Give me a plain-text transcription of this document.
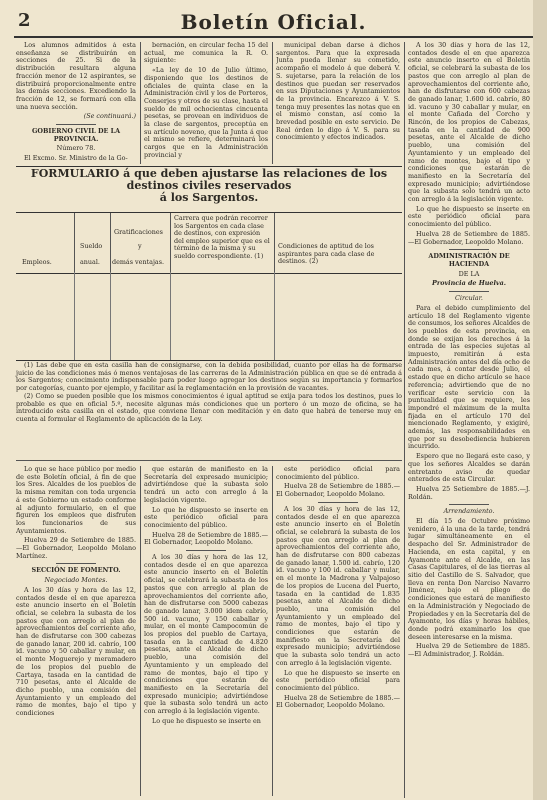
2	Boletín Oficial.

Los alumnos admitidos á esta enseñanza se distribuirán en secciones de 25. Si de la distribución resultara alguna fracción menor de 12 aspirantes, se distribuirá proporcionalmente entre las demás secciones. Excediendo la fracción de 12, se formará con ella una nueva sección.

(Se continuará.)

GOBIERNO CIVIL DE LA PROVINCIA.

Número 78.

El Excmo. Sr. Ministro de la Go-

bernación, en circular fecha 15 del actual, me comunica la R. O. siguiente:

«La ley de 10 de Julio último, disponiendo que los destinos de oficiales de quinta clase en la Administración civil y los de Porteros, Conserjes y otros de su clase, hasta el sueldo de mil ochocientas cincuenta pesetas, se provean en individuos de la clase de sargentos, preceptúa en su artículo noveno, que la Junta á que el mismo se refiere, determinará los cargos que en la Administración provincial y

municipal deban darse á dichos sargentos. Para que la expresada Junta pueda llenar su cometido, acompaño el modelo á que deberá V. S. sujetarse, para la relación de los destinos que puedan ser reservados en sus Diputaciones y Ayuntamientos de la provincia. Encarezco á V. S. tenga muy presentes las notas que en el mismo constan, así como la brevedad posible en este servicio. De Real órden lo digo á V. S. para su conocimiento y efectos indicados.

A los 30 días y hora de las 12, contados desde el en que aparezca este anuncio inserto en el Boletín oficial, se celebrará la subasta de los pastos que con arreglo al plan de aprovechamientos del corriente año, han de disfrutarse con 600 cabezas de ganado lanar, 1.600 id. cabrío, 80 id. vacuno y 30 caballar y mular, en el monte Cañada del Corcho y Rincón, de los propios de Cabezas, tasada en la cantidad de 900 pesetas, ante el Alcalde de dicho pueblo, una comisión del Ayuntamiento y un empleado del ramo de montes, bajo el tipo y condiciones que estarán de manifiesto en la Secretaría del expresado municipio; advirtiéndose que la subasta solo tendrá un acto con arreglo á la legislación vigente.

Lo que he dispuesto se inserte en este periódico oficial para conocimiento del público.

Huelva 28 de Setiembre de 1885.—El Gobernador, Leopoldo Molano.

ADMINISTRACIÓN DE HACIENDA

DE LA

Provincia de Huelva.

Circular.

Para el debido cumplimiento del artículo 18 del Reglamento vigente de consumos, los señores Alcaldes de los pueblos de esta provincia, en donde se exijan los derechos á la entrada de las especies sujetas al impuesto, remitirán á esta Administración antes del día ocho de cada mes, á contar desde Julio, el estado que en dicho artículo se hace referencia; advirtiendo que de no verificar este servicio con la puntualidad que se requiere, les impondré el máximum de la multa fijada en el artículo 170 del mencionado Reglamento, y exigiré, además, las responsabilidades en que por su desobediencia hubieren incurrido.

Espero que no llegará este caso, y que los señores Alcaldes se darán entretanto aviso de quedar enterados de esta Circular.

Huelva 25 Setiembre de 1885.—J. Roldán.

Arrendamiento.

El día 15 de Octubre próximo venidero, á la una de la tarde, tendrá lugar simultáneamente en el despacho del Sr. Administrador de Hacienda, en esta capital, y en Ayamonte ante el Alcalde, en las Casas Capitulares, el de las tierras al sitio del Castillo de S. Salvador, que lleva en renta Don Narciso Navarro Jiménez, bajo el pliego de condiciones que estará de manifiesto en la Administración y Negociado de Propiedades y en la Secretaría del de Ayamonte, los días y horas hábiles, donde podrá examinarlo los que deseen interesarse en la misma.

Huelva 29 de Setiembre de 1885.—El Administrador, J. Roldán.

FORMULARIO á que deben ajustarse las relaciones de los destinos civiles reservados
á los Sargentos.
Empleos.
Sueldo
anual.
Gratificaciones
y
demás ventajas.
Carrera que podrán recorrer los Sargentos en cada clase de destinos, con expresión del empleo superior que es el término de la misma y su sueldo correspondiente. (1)
Condiciones de aptitud de los aspirantes para cada clase de destinos. (2)

(1) Las debe que en esta casilla han de consignarse, con la debida posibilidad, cuanto por ellas ha de formarse juicio de las condiciones más ó menos ventajosas de las carreras de la Administración pública en que se dé entrada á los Sargentos; conocimiento indispensable para poder luego agregar los destinos según su importancia y formarlos por categorías, cuanto por ejemplo, y facilitar así la reglamentación en la provisión de vacantes.

(2) Como se pueden posible que los mismos conocimientos é igual aptitud se exija para todos los destinos, pues lo probable es que en oficial 5.º, necesite algunas más condiciones que un portero ó un mozo de oficina, se ha introducido esta casilla en el estado, que conviene llenar con meditación y en dato que habrá de tenerse muy en cuenta al formular el Reglamento de aplicación de la Ley.

Lo que se hace público por medio de este Boletín oficial, á fin de que los Sres. Alcaldes de los pueblos de la misma remitan con toda urgencia á este Gobierno un estado conforme al adjunto formulario, en el que figuren los empleos que disfruten los funcionarios de sus Ayuntamientos.

Huelva 29 de Setiembre de 1885.—El Gobernador, Leopoldo Molano Martínez.

SECCIÓN DE FOMENTO.

Negociado Montes.

A los 30 días y hora de las 12, contados desde el en que aparezca este anuncio inserto en el Boletín oficial, se celebra la subasta de los pastos que con arreglo al plan de aprovechamientos del corriente año, han de disfrutarse con 300 cabezas de ganado lanar, 200 id. cabrío, 100 id. vacuno y 50 caballar y mular, en el monte Moguerejo y meramadero de los propios del pueblo de Cartaya, tasada en la cantidad de 710 pesetas, ante el Alcalde de dicho pueblo, una comisión del Ayuntamiento y un empleado del ramo de montes, bajo el tipo y condiciones

que estarán de manifiesto en la Secretaría del expresado municipio; advirtiéndose que la subasta solo tendrá un acto con arreglo á la legislación vigente.

Lo que he dispuesto se inserte en este periódico oficial para conocimiento del público.

Huelva 28 de Setiembre de 1885.—El Gobernador, Leopoldo Molano.

A los 30 días y hora de las 12, contados desde el en que aparezca este anuncio inserto en el Boletín oficial, se celebrará la subasta de los pastos que con arreglo al plan de aprovechamientos del corriente año, han de disfrutarse con 5000 cabezas de ganado lanar, 3.000 idem cabrío, 500 id. vacuno, y 150 caballar y mular, en el monte Campocomún de los propios del pueblo de Cartaya, tasada en la cantidad de 4.820 pesetas, ante el Alcalde de dicho pueblo, una comisión del Ayuntamiento y un empleado del ramo de montes, bajo el tipo y condiciones que estarán de manifiesto en la Secretaría del expresado municipio; advirtiéndose que la subasta solo tendrá un acto con arreglo á la legislación vigente.

Lo que he dispuesto se inserte en

este periódico oficial para conocimiento del público.

Huelva 28 de Setiembre de 1885.—El Gobernador, Leopoldo Molano.

A los 30 días y hora de las 12, contados desde el en que aparezca este anuncio inserto en el Boletín oficial, se celebrará la subasta de los pastos que con arreglo al plan de aprovechamientos del corriente año, han de disfrutarse con 800 cabezas de ganado lanar, 1.500 id. cabrío, 120 id. vacuno y 100 id. caballar y mular, en el monte la Madrona y Valpajoso de los propios de Lucena del Puerto, tasada en la cantidad de 1.835 pesetas, ante el Alcalde de dicho pueblo, una comisión del Ayuntamiento y un empleado del ramo de montes, bajo el tipo y condiciones que estarán de manifiesto en la Secretaría del expresado municipio; advirtiéndose que la subasta solo tendrá un acto con arreglo á la legislación vigente.

Lo que he dispuesto se inserte en este periódico oficial para conocimiento del público.

Huelva 28 de Setiembre de 1885.—El Gobernador, Leopoldo Molano.
